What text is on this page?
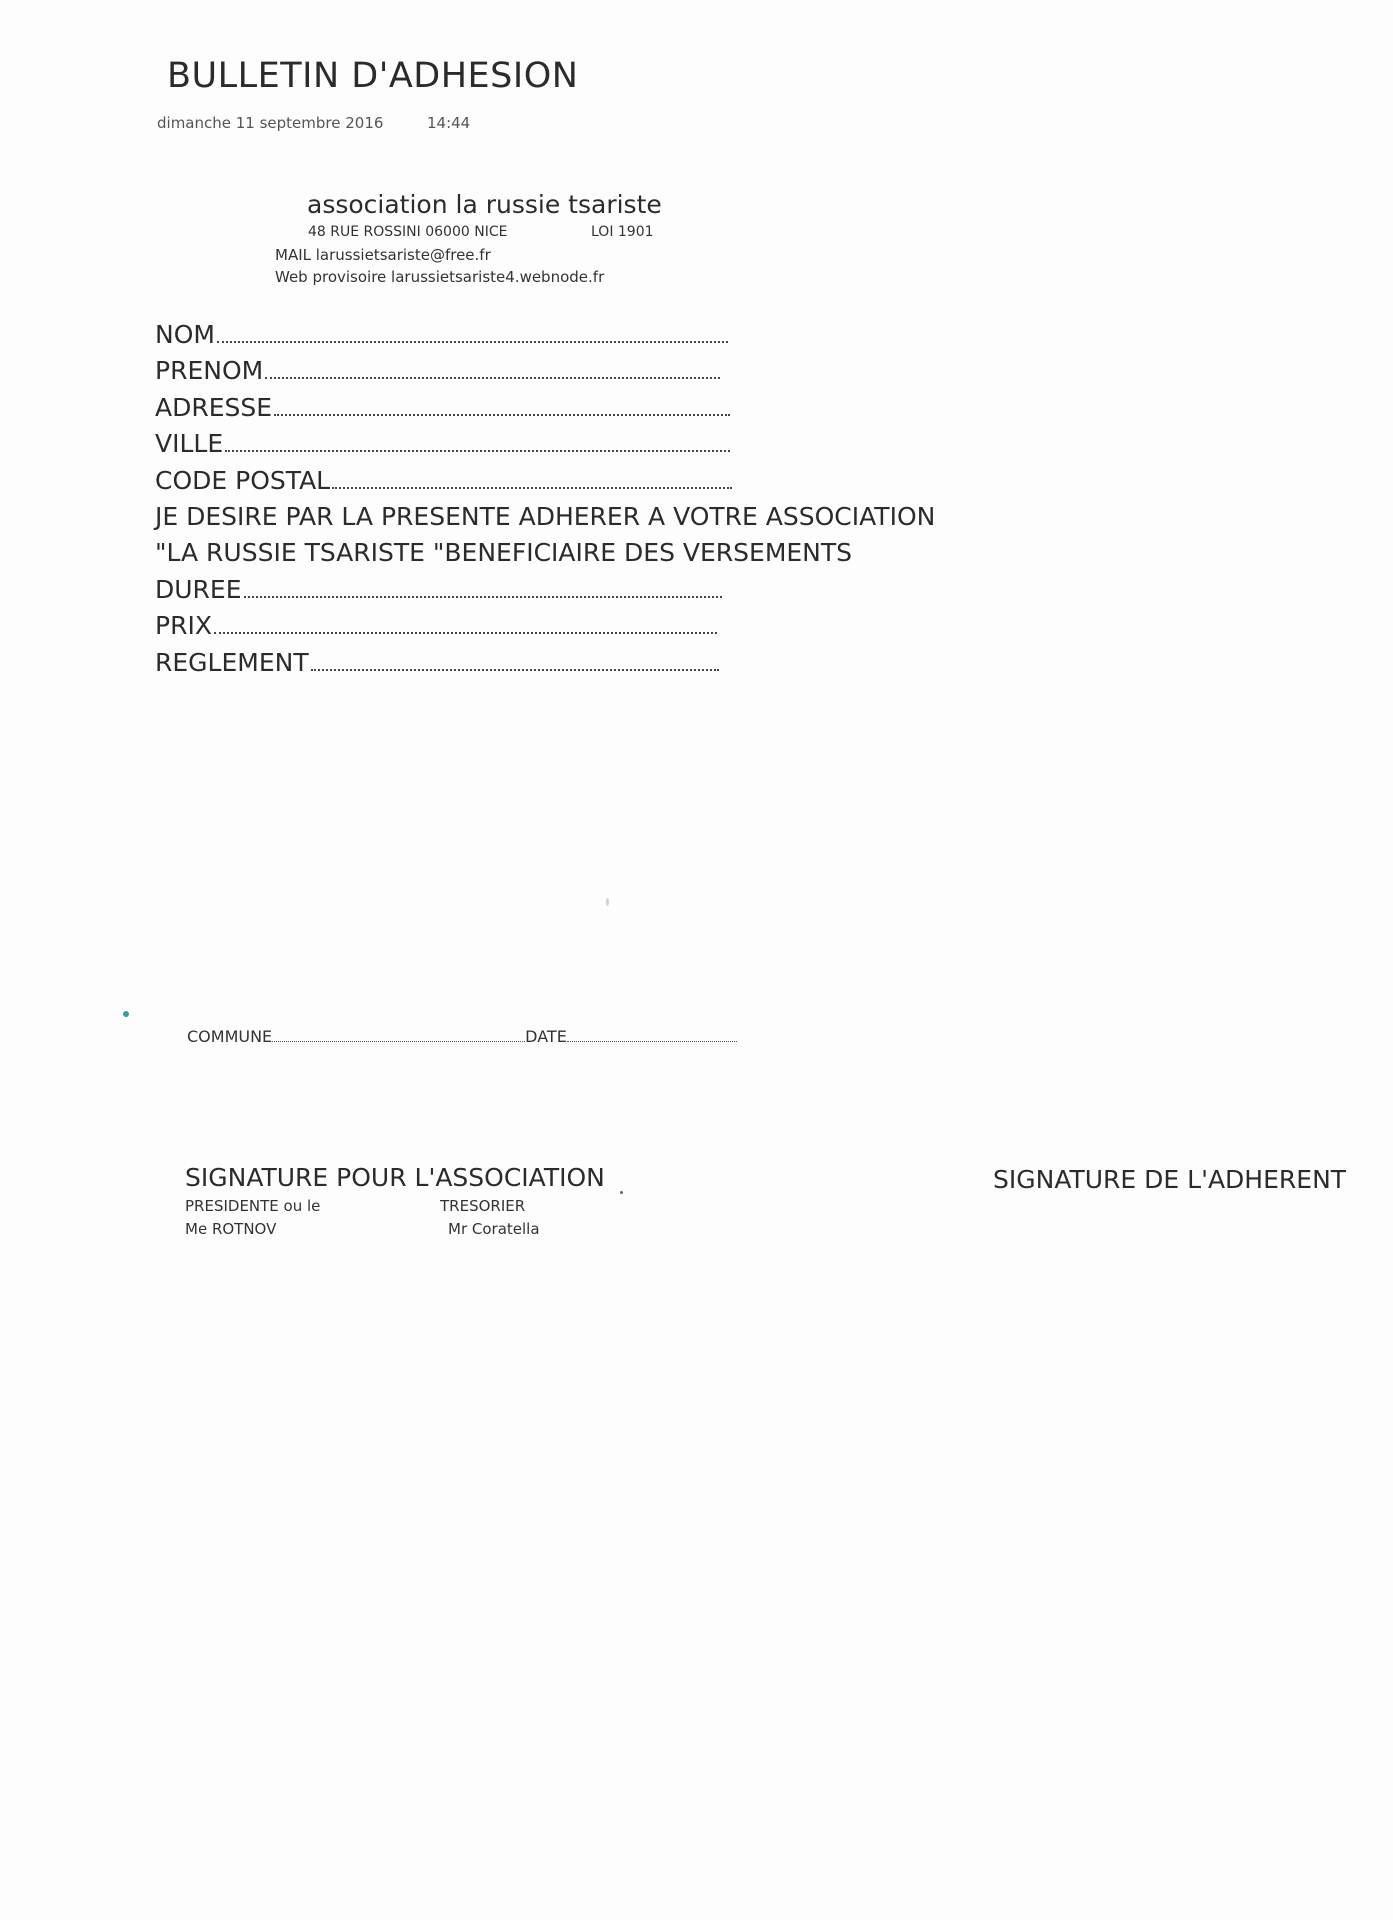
BULLETIN D'ADHESION
dimanche 11 septembre 2016	14:44
association la russie tsariste
48 RUE ROSSINI 06000 NICE	LOI 1901
MAIL larussietsariste@free.fr
Web provisoire larussietsariste4.webnode.fr
NOM
PRENOM
ADRESSE
VILLE
CODE POSTAL
JE DESIRE PAR LA PRESENTE ADHERER A VOTRE ASSOCIATION
"LA RUSSIE TSARISTE "BENEFICIAIRE DES VERSEMENTS
DUREE
PRIX
REGLEMENT
COMMUNE	DATE
SIGNATURE POUR L'ASSOCIATION
PRESIDENTE ou le
Me ROTNOV
TRESORIER
Mr Coratella
SIGNATURE DE L'ADHERENT
